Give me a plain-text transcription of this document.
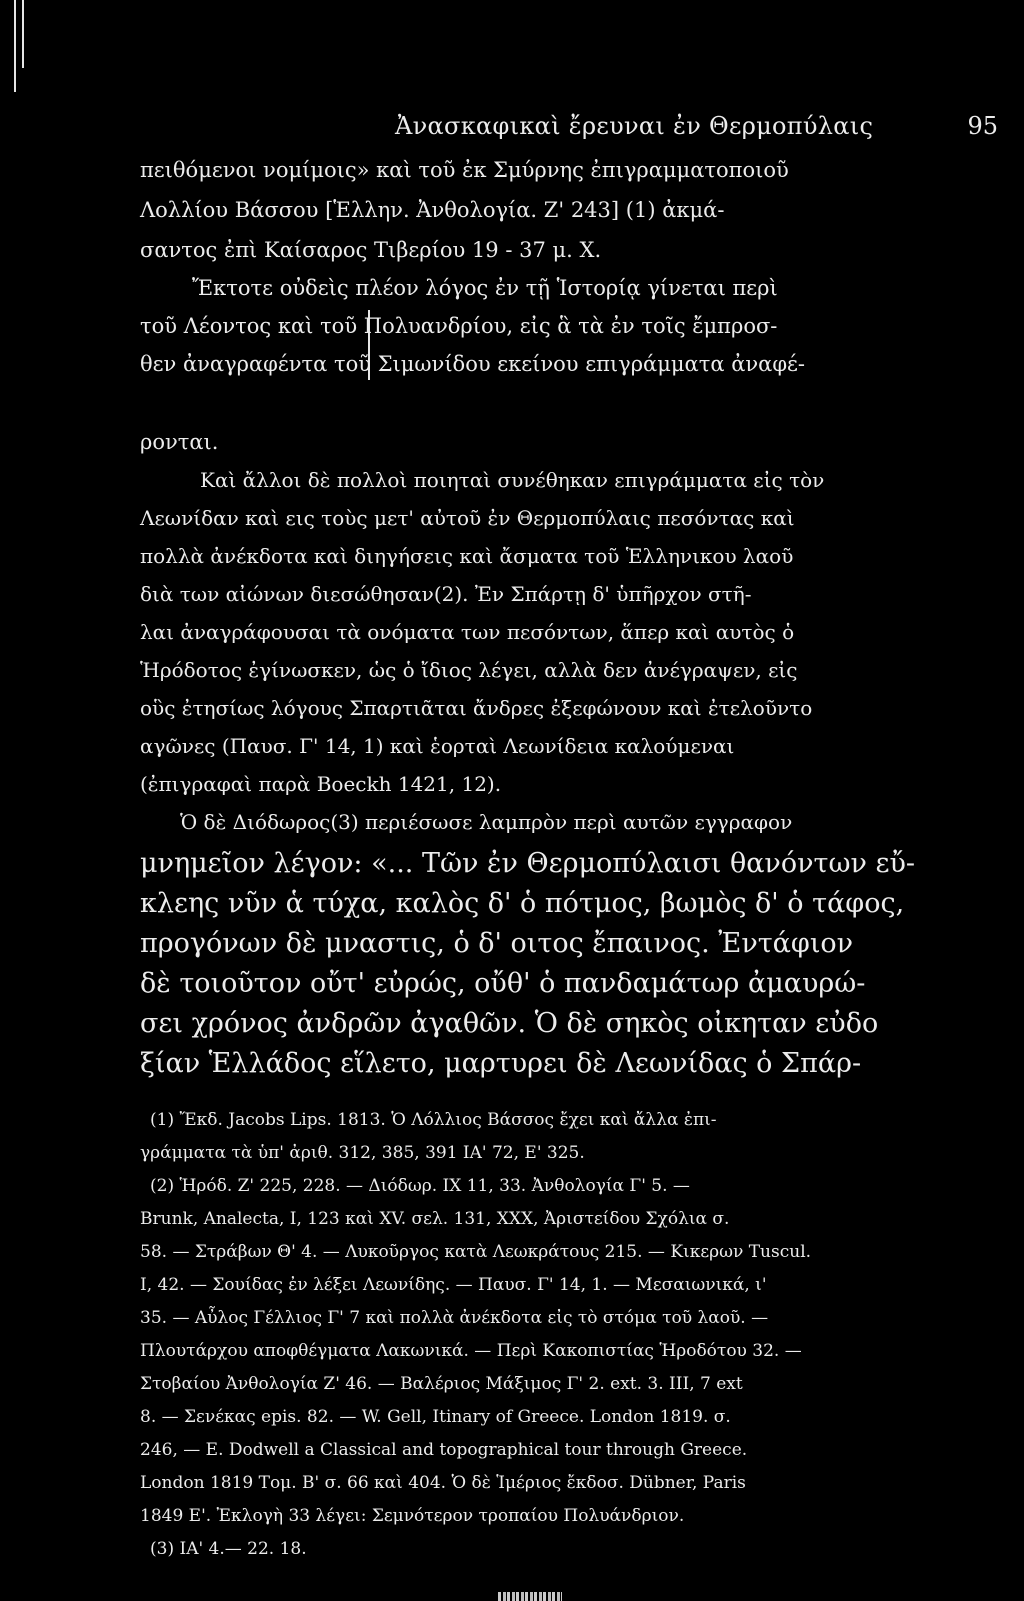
Ἀνασκαφικαὶ ἔρευναι ἐν Θερμοπύλαις	95
πειθόμενοι νομίμοις» καὶ τοῦ ἐκ Σμύρνης ἐπιγραμματοποιοῦ
Λολλίου Βάσσου [Ἑλλην. Ἀνθολογία. Ζ' 243] (1) ἀκμά-
σαντος ἐπὶ Καίσαρος Τιβερίου 19 - 37 μ. Χ.
Ἔκτοτε οὐδεὶς πλέον λόγος ἐν τῇ Ἱστορίᾳ γίνεται περὶ
τοῦ Λέοντος καὶ τοῦ Πολυανδρίου, εἰς ἃ τὰ ἐν τοῖς ἔμπροσ-
θεν ἀναγραφέντα τοῦ Σιμωνίδου εκείνου επιγράμματα ἀναφέ-
ρονται.
Καὶ ἄλλοι δὲ πολλοὶ ποιηταὶ συνέθηκαν επιγράμματα εἰς τὸν
Λεωνίδαν καὶ εις τοὺς μετ' αὐτοῦ ἐν Θερμοπύλαις πεσόντας καὶ
πολλὰ ἀνέκδοτα καὶ διηγήσεις καὶ ἄσματα τοῦ Ἑλληνικου λαοῦ
διὰ των αἰώνων διεσώθησαν(2). Ἐν Σπάρτῃ δ' ὑπῆρχον στῆ-
λαι ἀναγράφουσαι τὰ ονόματα των πεσόντων, ἅπερ καὶ αυτὸς ὁ
Ἡρόδοτος ἐγίνωσκεν, ὡς ὁ ἴδιος λέγει, αλλὰ δεν ἀνέγραψεν, εἰς
οὓς ἐτησίως λόγους Σπαρτιᾶται ἄνδρες ἐξεφώνουν καὶ ἐτελοῦντο
αγῶνες (Παυσ. Γ' 14, 1) καὶ ἑορταὶ Λεωνίδεια καλούμεναι
(ἐπιγραφαὶ παρὰ Boeckh 1421, 12).
Ὁ δὲ Διόδωρος(3) περιέσωσε λαμπρὸν περὶ αυτῶν εγγραφον
μνημεῖον λέγον: «... Τῶν ἐν Θερμοπύλαισι θανόντων εὔ-
κλεης νῦν ἁ τύχα, καλὸς δ' ὁ πότμος, βωμὸς δ' ὁ τάφος,
προγόνων δὲ μναστις, ὁ δ' οιτος ἔπαινος. Ἐντάφιον
δὲ τοιοῦτον οὔτ' εὐρώς, οὔθ' ὁ πανδαμάτωρ ἀμαυρώ-
σει χρόνος ἀνδρῶν ἀγαθῶν. Ὁ δὲ σηκὸς οἰκηταν εὐδο
ξίαν Ἑλλάδος εἵλετο, μαρτυρει δὲ Λεωνίδας ὁ Σπάρ-
(1) Ἔκδ. Jacobs Lips. 1813. Ὁ Λόλλιος Βάσσος ἔχει καὶ ἄλλα ἐπι-
γράμματα τὰ ὑπ' ἀριθ. 312, 385, 391 ΙΑ' 72, Ε' 325.
(2) Ἡρόδ. Ζ' 225, 228. — Διόδωρ. IX 11, 33. Ἀνθολογία Γ' 5. —
Brunk, Analecta, I, 123 καὶ XV. σελ. 131, XXX, Ἀριστείδου Σχόλια σ.
58. — Στράβων Θ' 4. — Λυκοῦργος κατὰ Λεωκράτους 215. — Κικερων Tuscul.
I, 42. — Σουίδας ἐν λέξει Λεωνίδης. — Παυσ. Γ' 14, 1. — Μεσαιωνικά, ι'
35. — Αὖλος Γέλλιος Γ' 7 καὶ πολλὰ ἀνέκδοτα εἰς τὸ στόμα τοῦ λαοῦ. —
Πλουτάρχου αποφθέγματα Λακωνικά. — Περὶ Κακοπιστίας Ἡροδότου 32. —
Στοβαίου Ἀνθολογία Ζ' 46. — Βαλέριος Μάξιμος Γ' 2. ext. 3. III, 7 ext
8. — Σενέκας epis. 82. — W. Gell, Itinary of Greece. London 1819. σ.
246, — E. Dodwell a Classical and topographical tour through Greece.
London 1819 Τομ. Β' σ. 66 καὶ 404. Ὁ δὲ Ἱμέριος ἔκδοσ. Dübner, Paris
1849 Ε'. Ἐκλογὴ 33 λέγει: Σεμνότερον τροπαίου Πολυάνδριον.
(3) ΙΑ' 4.— 22. 18.
